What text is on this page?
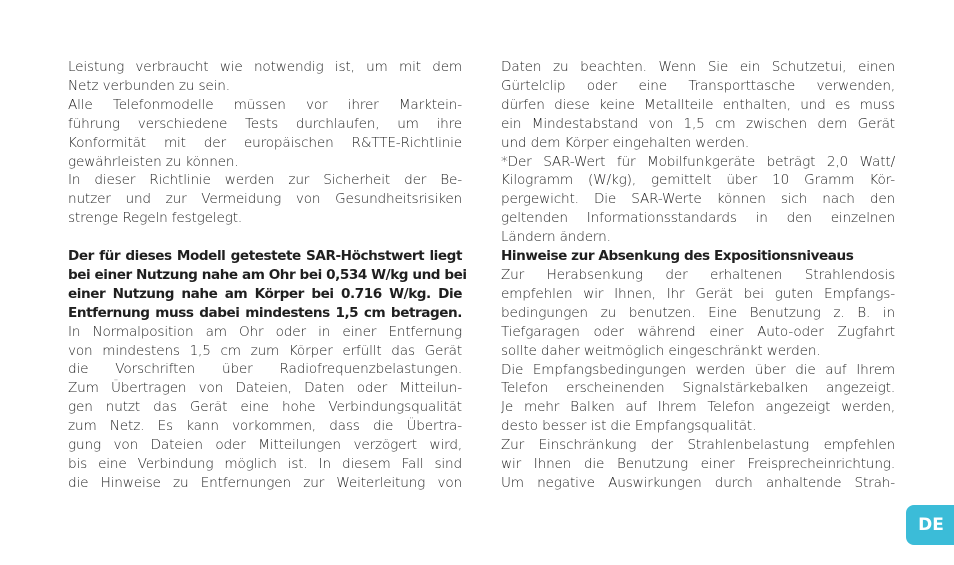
Leistung verbraucht wie notwendig ist, um mit dem
Netz verbunden zu sein.
Alle Telefonmodelle müssen vor ihrer Marktein-
führung verschiedene Tests durchlaufen, um ihre
Konformität mit der europäischen R&TTE-Richtlinie
gewährleisten zu können.
In dieser Richtlinie werden zur Sicherheit der Be-
nutzer und zur Vermeidung von Gesundheitsrisiken
strenge Regeln festgelegt.
Der für dieses Modell getestete SAR-Höchstwert liegt
bei einer Nutzung nahe am Ohr bei 0,534 W/kg und bei
einer Nutzung nahe am Körper bei 0.716 W/kg. Die
Entfernung muss dabei mindestens 1,5 cm betragen.
In Normalposition am Ohr oder in einer Entfernung
von mindestens 1,5 cm zum Körper erfüllt das Gerät
die Vorschriften über Radiofrequenzbelastungen.
Zum Übertragen von Dateien, Daten oder Mitteilun-
gen nutzt das Gerät eine hohe Verbindungsqualität
zum Netz. Es kann vorkommen, dass die Übertra-
gung von Dateien oder Mitteilungen verzögert wird,
bis eine Verbindung möglich ist. In diesem Fall sind
die Hinweise zu Entfernungen zur Weiterleitung von
Daten zu beachten. Wenn Sie ein Schutzetui, einen
Gürtelclip oder eine Transporttasche verwenden,
dürfen diese keine Metallteile enthalten, und es muss
ein Mindestabstand von 1,5 cm zwischen dem Gerät
und dem Körper eingehalten werden.
*Der SAR-Wert für Mobilfunkgeräte beträgt 2,0 Watt/
Kilogramm (W/kg), gemittelt über 10 Gramm Kör-
pergewicht. Die SAR-Werte können sich nach den
geltenden Informationsstandards in den einzelnen
Ländern ändern.
Hinweise zur Absenkung des Expositionsniveaus
Zur Herabsenkung der erhaltenen Strahlendosis
empfehlen wir Ihnen, Ihr Gerät bei guten Empfangs-
bedingungen zu benutzen. Eine Benutzung z. B. in
Tiefgaragen oder während einer Auto-oder Zugfahrt
sollte daher weitmöglich eingeschränkt werden.
Die Empfangsbedingungen werden über die auf Ihrem
Telefon erscheinenden Signalstärkebalken angezeigt.
Je mehr Balken auf Ihrem Telefon angezeigt werden,
desto besser ist die Empfangsqualität.
Zur Einschränkung der Strahlenbelastung empfehlen
wir Ihnen die Benutzung einer Freisprecheinrichtung.
Um negative Auswirkungen durch anhaltende Strah-
DE
